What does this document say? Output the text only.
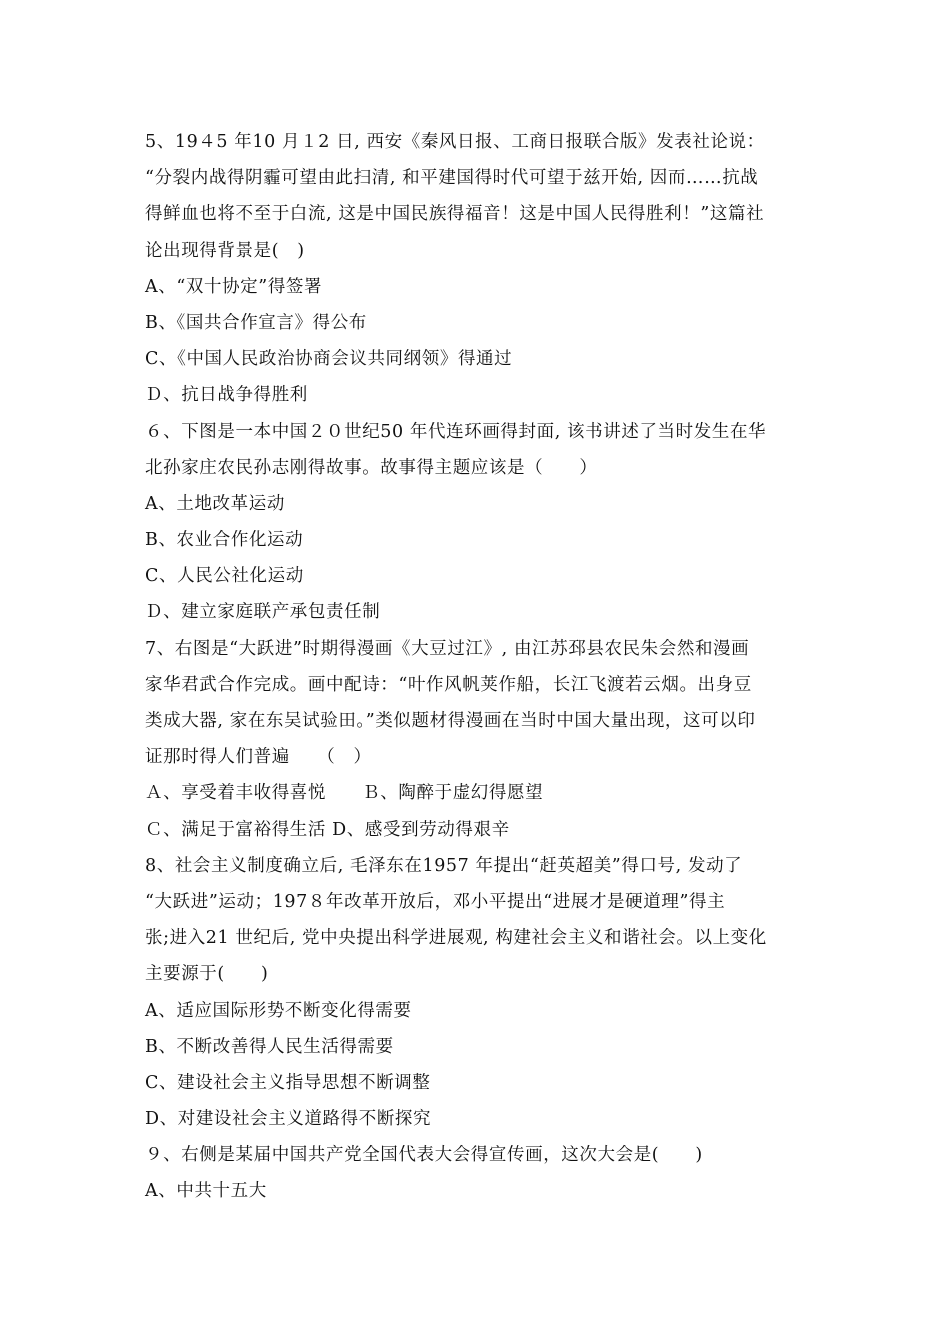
5、19４5 年10 月１2 日, 西安《秦风日报、工商日报联合版》发表社论说：
“分裂内战得阴霾可望由此扫清, 和平建国得时代可望于兹开始, 因而……抗战
得鲜血也将不至于白流, 这是中国民族得福音！这是中国人民得胜利！”这篇社
论出现得背景是(　)
A、“双十协定”得签署
B、《国共合作宣言》得公布
C、《中国人民政治协商会议共同纲领》得通过
Ｄ、抗日战争得胜利
６、下图是一本中国２０世纪50 年代连环画得封面, 该书讲述了当时发生在华
北孙家庄农民孙志刚得故事。故事得主题应该是（　　）
A、土地改革运动
B、农业合作化运动
C、人民公社化运动
Ｄ、建立家庭联产承包责任制
7、右图是“大跃进”时期得漫画《大豆过江》, 由江苏邳县农民朱会然和漫画
家华君武合作完成。画中配诗：“叶作风帆荚作船，长江飞渡若云烟。出身豆
类成大器, 家在东吴试验田。”类似题材得漫画在当时中国大量出现，这可以印
证那时得人们普遍　　（　）
Ａ、享受着丰收得喜悦　　Ｂ、陶醉于虚幻得愿望
Ｃ、满足于富裕得生活 D、感受到劳动得艰辛
8、社会主义制度确立后, 毛泽东在1957 年提出“赶英超美”得口号, 发动了
“大跃进”运动；197８年改革开放后，邓小平提出“进展才是硬道理”得主
张;进入21 世纪后, 党中央提出科学进展观, 构建社会主义和谐社会。以上变化
主要源于(　　)
A、适应国际形势不断变化得需要
B、不断改善得人民生活得需要
C、建设社会主义指导思想不断调整
D、对建设社会主义道路得不断探究
９、右侧是某届中国共产党全国代表大会得宣传画，这次大会是(　　)
A、中共十五大
